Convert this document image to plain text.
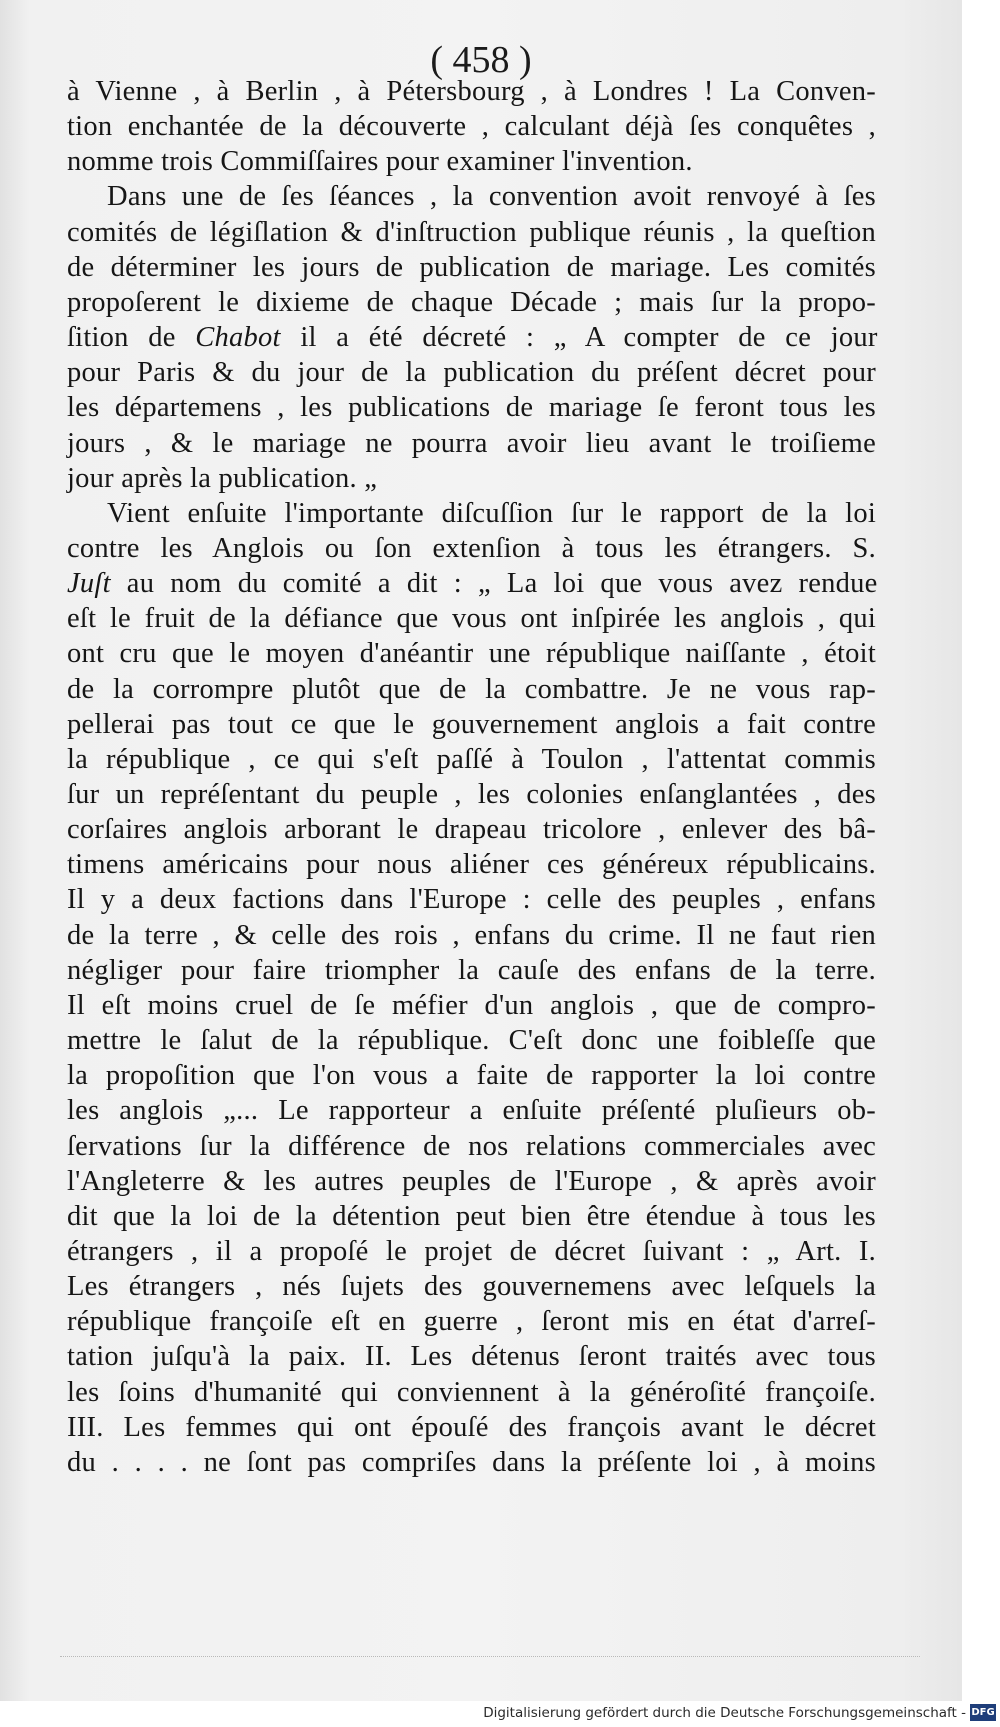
( 458 )
à Vienne , à Berlin , à Pétersbourg , à Londres ! La Conven-
tion enchantée de la découverte , calculant déjà ſes conquêtes ,
nomme trois Commiſſaires pour examiner l'invention.
Dans une de ſes ſéances , la convention avoit renvoyé à ſes
comités de légiſlation & d'inſtruction publique réunis , la queſtion
de déterminer les jours de publication de mariage. Les comités
propoſerent le dixieme de chaque Décade ; mais ſur la propo-
ſition de Chabot il a été décreté : „ A compter de ce jour
pour Paris & du jour de la publication du préſent décret pour
les départemens , les publications de mariage ſe feront tous les
jours , & le mariage ne pourra avoir lieu avant le troiſieme
jour après la publication. „
Vient enſuite l'importante diſcuſſion ſur le rapport de la loi
contre les Anglois ou ſon extenſion à tous les étrangers. S.
Juſt au nom du comité a dit : „ La loi que vous avez rendue
eſt le fruit de la défiance que vous ont inſpirée les anglois , qui
ont cru que le moyen d'anéantir une république naiſſante , étoit
de la corrompre plutôt que de la combattre. Je ne vous rap-
pellerai pas tout ce que le gouvernement anglois a fait contre
la république , ce qui s'eſt paſſé à Toulon , l'attentat commis
ſur un repréſentant du peuple , les colonies enſanglantées , des
corſaires anglois arborant le drapeau tricolore , enlever des bâ-
timens américains pour nous aliéner ces généreux républicains.
Il y a deux factions dans l'Europe : celle des peuples , enfans
de la terre , & celle des rois , enfans du crime. Il ne faut rien
négliger pour faire triompher la cauſe des enfans de la terre.
Il eſt moins cruel de ſe méfier d'un anglois , que de compro-
mettre le ſalut de la république. C'eſt donc une foibleſſe que
la propoſition que l'on vous a faite de rapporter la loi contre
les anglois „... Le rapporteur a enſuite préſenté pluſieurs ob-
ſervations ſur la différence de nos relations commerciales avec
l'Angleterre & les autres peuples de l'Europe , & après avoir
dit que la loi de la détention peut bien être étendue à tous les
étrangers , il a propoſé le projet de décret ſuivant : „ Art. I.
Les étrangers , nés ſujets des gouvernemens avec leſquels la
république françoiſe eſt en guerre , ſeront mis en état d'arreſ-
tation juſqu'à la paix. II. Les détenus ſeront traités avec tous
les ſoins d'humanité qui conviennent à la généroſité françoiſe.
III. Les femmes qui ont épouſé des françois avant le décret
du . . . . ne ſont pas compriſes dans la préſente loi , à moins
Digitalisierung gefördert durch die Deutsche Forschungsgemeinschaft - DFG
